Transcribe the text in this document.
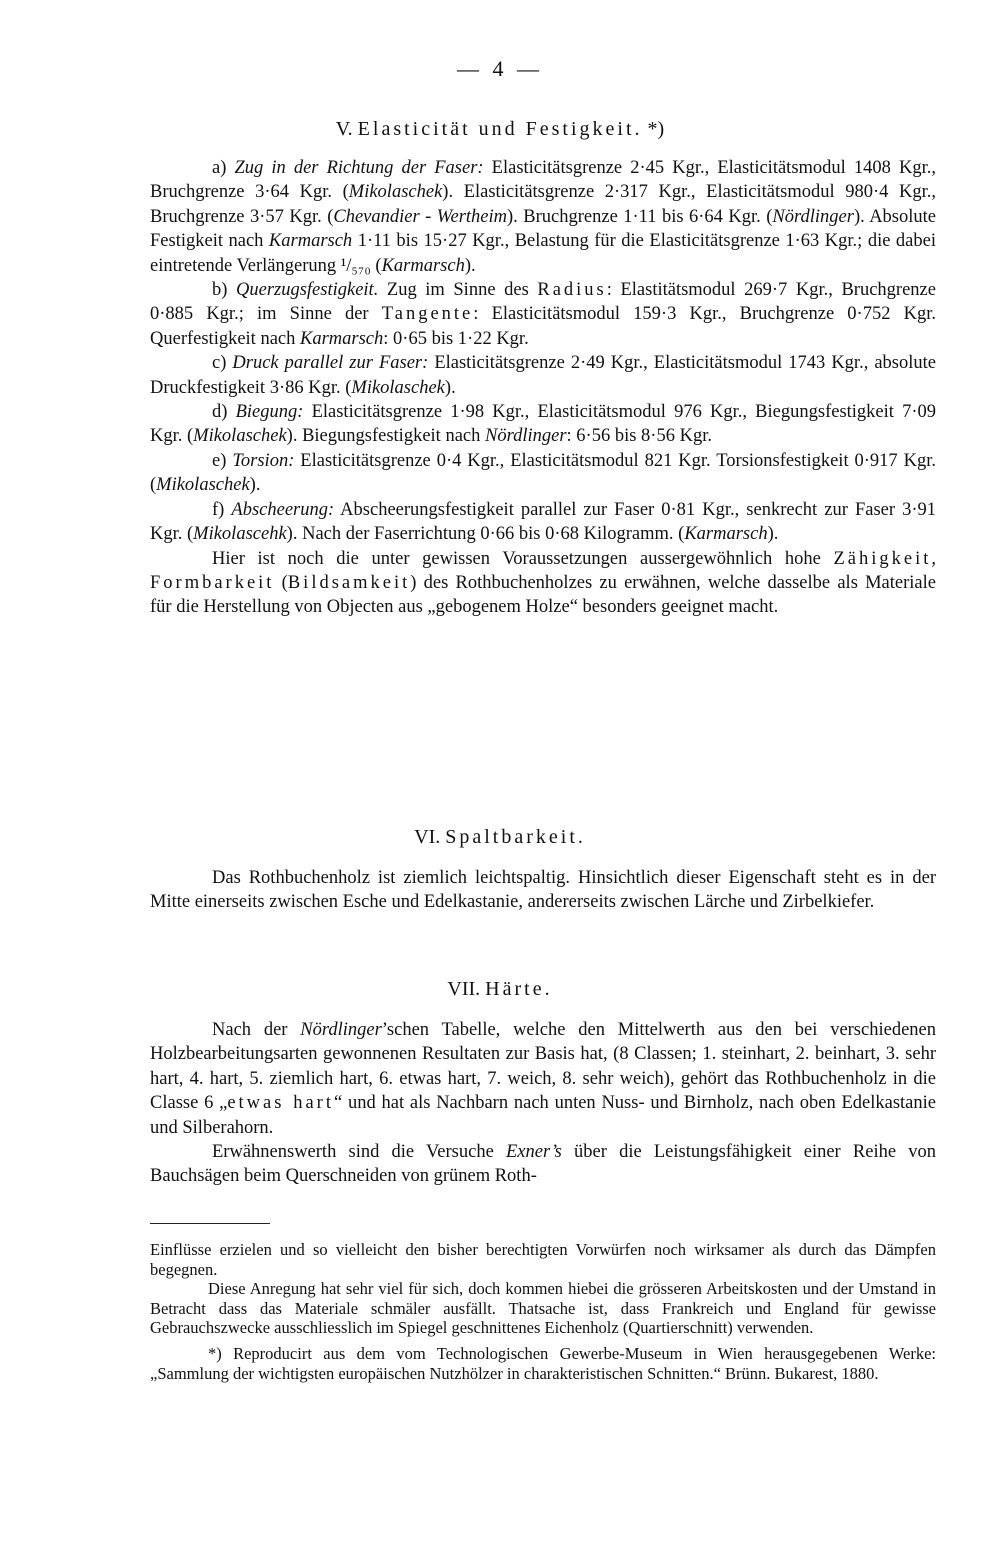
— 4 —
V. Elasticität und Festigkeit. *)

a) Zug in der Richtung der Faser: Elasticitätsgrenze 2·45 Kgr., Elasticitätsmodul 1408 Kgr., Bruchgrenze 3·64 Kgr. (Mikolaschek). Elasticitätsgrenze 2·317 Kgr., Elasticitätsmodul 980·4 Kgr., Bruchgrenze 3·57 Kgr. (Chevandier - Wertheim). Bruchgrenze 1·11 bis 6·64 Kgr. (Nördlinger). Absolute Festigkeit nach Karmarsch 1·11 bis 15·27 Kgr., Belastung für die Elasticitätsgrenze 1·63 Kgr.; die dabei eintretende Verlängerung ¹/₅₇₀ (Karmarsch).

b) Querzugsfestigkeit. Zug im Sinne des Radius: Elastitätsmodul 269·7 Kgr., Bruchgrenze 0·885 Kgr.; im Sinne der Tangente: Elasticitätsmodul 159·3 Kgr., Bruchgrenze 0·752 Kgr. Querfestigkeit nach Karmarsch: 0·65 bis 1·22 Kgr.

c) Druck parallel zur Faser: Elasticitätsgrenze 2·49 Kgr., Elasticitätsmodul 1743 Kgr., absolute Druckfestigkeit 3·86 Kgr. (Mikolaschek).

d) Biegung: Elasticitätsgrenze 1·98 Kgr., Elasticitätsmodul 976 Kgr., Biegungsfestigkeit 7·09 Kgr. (Mikolaschek). Biegungsfestigkeit nach Nördlinger: 6·56 bis 8·56 Kgr.

e) Torsion: Elasticitätsgrenze 0·4 Kgr., Elasticitätsmodul 821 Kgr. Torsionsfestigkeit 0·917 Kgr. (Mikolaschek).

f) Abscheerung: Abscheerungsfestigkeit parallel zur Faser 0·81 Kgr., senkrecht zur Faser 3·91 Kgr. (Mikolascehk). Nach der Faserrichtung 0·66 bis 0·68 Kilogramm. (Karmarsch).

Hier ist noch die unter gewissen Voraussetzungen aussergewöhnlich hohe Zähigkeit, Formbarkeit (Bildsamkeit) des Rothbuchenholzes zu erwähnen, welche dasselbe als Materiale für die Herstellung von Objecten aus „gebogenem Holze“ besonders geeignet macht.

VI. Spaltbarkeit.

Das Rothbuchenholz ist ziemlich leichtspaltig. Hinsichtlich dieser Eigenschaft steht es in der Mitte einerseits zwischen Esche und Edelkastanie, andererseits zwischen Lärche und Zirbelkiefer.

VII. Härte.

Nach der Nördlinger’schen Tabelle, welche den Mittelwerth aus den bei verschiedenen Holzbearbeitungsarten gewonnenen Resultaten zur Basis hat, (8 Classen; 1. steinhart, 2. beinhart, 3. sehr hart, 4. hart, 5. ziemlich hart, 6. etwas hart, 7. weich, 8. sehr weich), gehört das Rothbuchenholz in die Classe 6 „etwas hart“ und hat als Nachbarn nach unten Nuss- und Birnholz, nach oben Edelkastanie und Silberahorn.

Erwähnenswerth sind die Versuche Exner’s über die Leistungsfähigkeit einer Reihe von Bauchsägen beim Querschneiden von grünem Roth-

Einflüsse erzielen und so vielleicht den bisher berechtigten Vorwürfen noch wirksamer als durch das Dämpfen begegnen.

Diese Anregung hat sehr viel für sich, doch kommen hiebei die grösseren Arbeitskosten und der Umstand in Betracht dass das Materiale schmäler ausfällt. Thatsache ist, dass Frankreich und England für gewisse Gebrauchszwecke ausschliesslich im Spiegel geschnittenes Eichenholz (Quartierschnitt) verwenden.

*) Reproducirt aus dem vom Technologischen Gewerbe-Museum in Wien herausgegebenen Werke: „Sammlung der wichtigsten europäischen Nutzhölzer in charakteristischen Schnitten.“ Brünn. Bukarest, 1880.
